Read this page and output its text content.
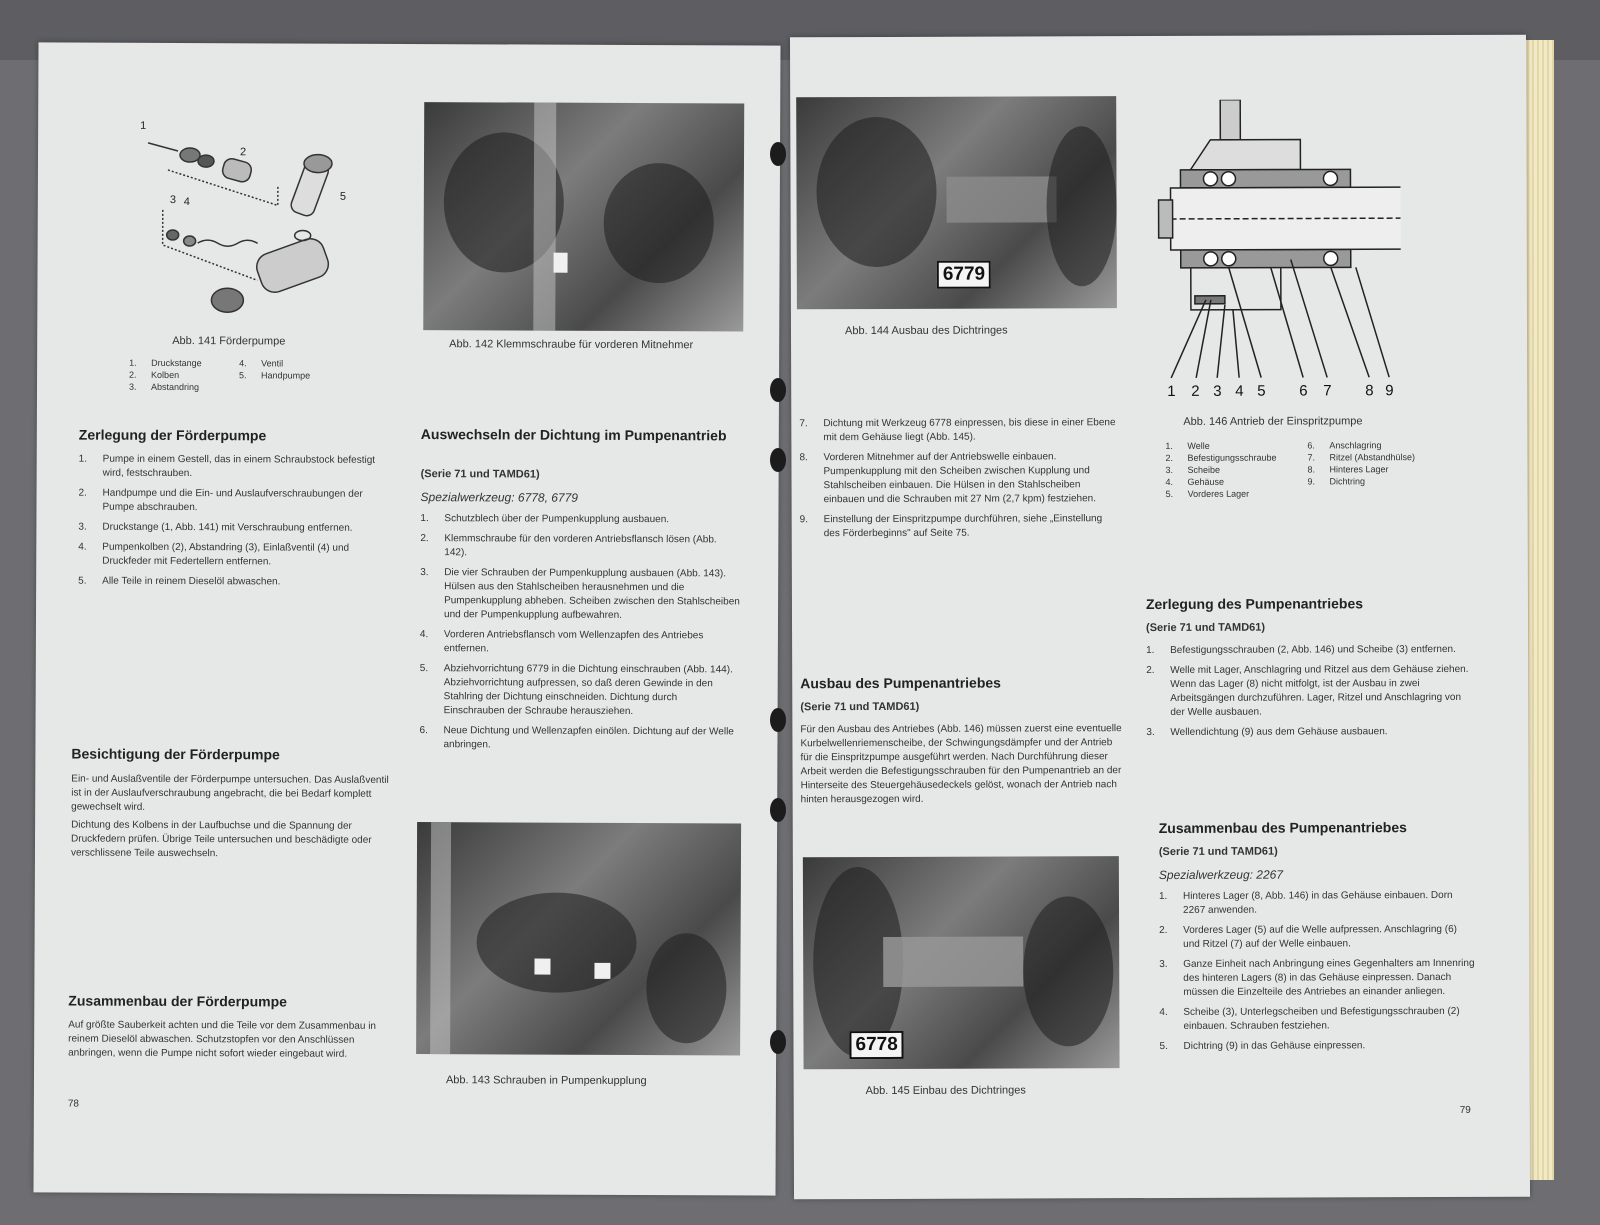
1
2
3 4	5
Abb. 141 Förderpumpe
1.	Druckstange
2.	Kolben
3.	Abstandring
4.	Ventil
5.	Handpumpe
Abb. 142 Klemmschraube für vorderen Mitnehmer
Zerlegung der Förderpumpe
1.	Pumpe in einem Gestell, das in einem Schraubstock befestigt wird, festschrauben.
2.	Handpumpe und die Ein- und Auslaufverschraubungen der Pumpe abschrauben.
3.	Druckstange (1, Abb. 141) mit Verschraubung entfernen.
4.	Pumpenkolben (2), Abstandring (3), Einlaßventil (4) und Druckfeder mit Federtellern entfernen.
5.	Alle Teile in reinem Dieselöl abwaschen.
Besichtigung der Förderpumpe
Ein- und Auslaßventile der Förderpumpe untersuchen. Das Auslaßventil ist in der Auslaufverschraubung angebracht, die bei Bedarf komplett gewechselt wird.
Dichtung des Kolbens in der Laufbuchse und die Spannung der Druckfedern prüfen. Übrige Teile untersuchen und beschädigte oder verschlissene Teile auswechseln.
Zusammenbau der Förderpumpe
Auf größte Sauberkeit achten und die Teile vor dem Zusammenbau in reinem Dieselöl abwaschen. Schutzstopfen vor den Anschlüssen anbringen, wenn die Pumpe nicht sofort wieder eingebaut wird.
Auswechseln der Dichtung im Pumpenantrieb
(Serie 71 und TAMD61)
Spezialwerkzeug: 6778, 6779
1.	Schutzblech über der Pumpenkupplung ausbauen.
2.	Klemmschraube für den vorderen Antriebsflansch lösen (Abb. 142).
3.	Die vier Schrauben der Pumpenkupplung ausbauen (Abb. 143). Hülsen aus den Stahlscheiben herausnehmen und die Pumpenkupplung abheben. Scheiben zwischen den Stahlscheiben und der Pumpenkupplung aufbewahren.
4.	Vorderen Antriebsflansch vom Wellenzapfen des Antriebes entfernen.
5.	Abziehvorrichtung 6779 in die Dichtung einschrauben (Abb. 144). Abziehvorrichtung aufpressen, so daß deren Gewinde in den Stahlring der Dichtung einschneiden. Dichtung durch Einschrauben der Schraube herausziehen.
6.	Neue Dichtung und Wellenzapfen einölen. Dichtung auf der Welle anbringen.
Abb. 143 Schrauben in Pumpenkupplung
78
6779
Abb. 144 Ausbau des Dichtringes
1 2 3 4 5 6 7 8 9
Abb. 146 Antrieb der Einspritzpumpe
1.	Welle
2.	Befestigungsschraube
3.	Scheibe
4.	Gehäuse
5.	Vorderes Lager
6.	Anschlagring
7.	Ritzel (Abstandhülse)
8.	Hinteres Lager
9.	Dichtring
7.	Dichtung mit Werkzeug 6778 einpressen, bis diese in einer Ebene mit dem Gehäuse liegt (Abb. 145).
8.	Vorderen Mitnehmer auf der Antriebswelle einbauen. Pumpenkupplung mit den Scheiben zwischen Kupplung und Stahlscheiben einbauen. Die Hülsen in den Stahlscheiben einbauen und die Schrauben mit 27 Nm (2,7 kpm) festziehen.
9.	Einstellung der Einspritzpumpe durchführen, siehe „Einstellung des Förderbeginns" auf Seite 75.
Ausbau des Pumpenantriebes
(Serie 71 und TAMD61)
Für den Ausbau des Antriebes (Abb. 146) müssen zuerst eine eventuelle Kurbelwellenriemenscheibe, der Schwingungsdämpfer und der Antrieb für die Einspritzpumpe ausgeführt werden. Nach Durchführung dieser Arbeit werden die Befestigungsschrauben für den Pumpenantrieb an der Hinterseite des Steuergehäusedeckels gelöst, wonach der Antrieb nach hinten herausgezogen wird.
6778
Abb. 145 Einbau des Dichtringes
Zerlegung des Pumpenantriebes
(Serie 71 und TAMD61)
1.	Befestigungsschrauben (2, Abb. 146) und Scheibe (3) entfernen.
2.	Welle mit Lager, Anschlagring und Ritzel aus dem Gehäuse ziehen. Wenn das Lager (8) nicht mitfolgt, ist der Ausbau in zwei Arbeitsgängen durchzuführen. Lager, Ritzel und Anschlagring von der Welle ausbauen.
3.	Wellendichtung (9) aus dem Gehäuse ausbauen.
Zusammenbau des Pumpenantriebes
(Serie 71 und TAMD61)
Spezialwerkzeug: 2267
1.	Hinteres Lager (8, Abb. 146) in das Gehäuse einbauen. Dorn 2267 anwenden.
2.	Vorderes Lager (5) auf die Welle aufpressen. Anschlagring (6) und Ritzel (7) auf der Welle einbauen.
3.	Ganze Einheit nach Anbringung eines Gegenhalters am Innenring des hinteren Lagers (8) in das Gehäuse einpressen. Danach müssen die Einzelteile des Antriebes an einander anliegen.
4.	Scheibe (3), Unterlegscheiben und Befestigungsschrauben (2) einbauen. Schrauben festziehen.
5.	Dichtring (9) in das Gehäuse einpressen.
79
